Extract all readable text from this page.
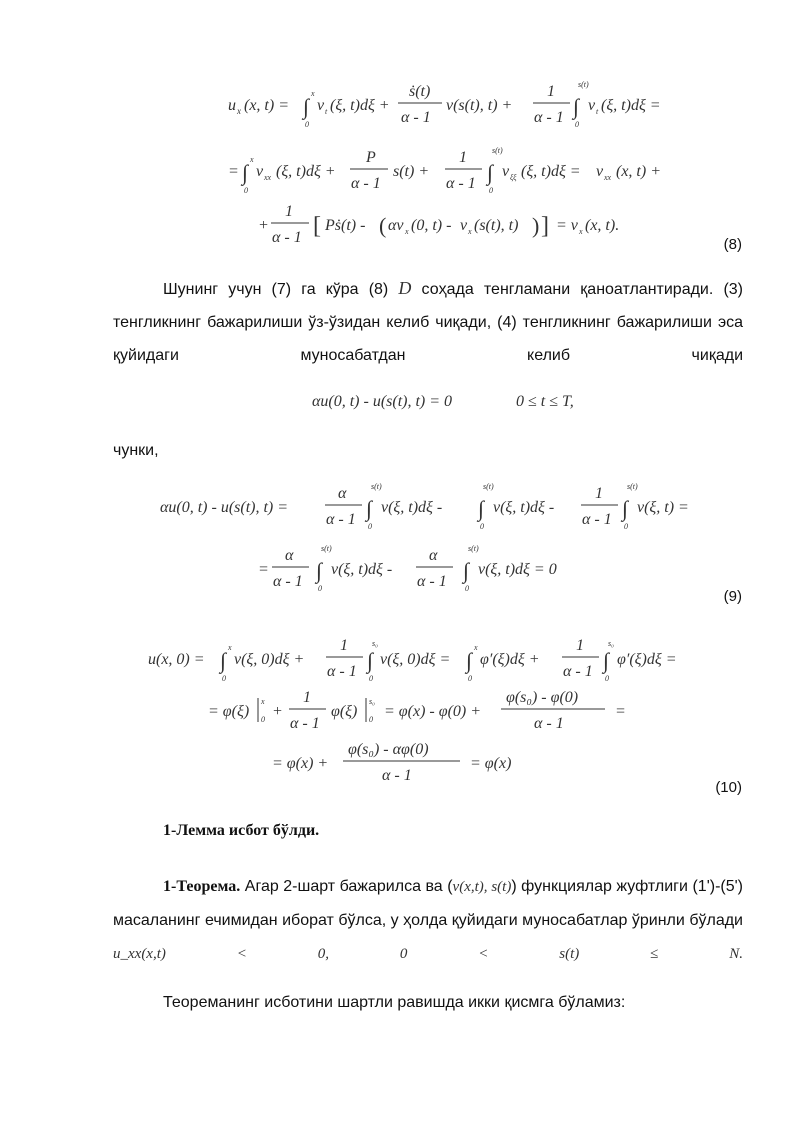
u x (x, t) = ∫
x
0
v t (ξ, t)dξ +
ṡ(t)
α - 1
v(s(t), t) +
1
α - 1 ∫
s(t)
0
v t (ξ, t)dξ =
= ∫
x
0
v xx (ξ, t)dξ +
P
α - 1
s(t) +
1
α - 1 ∫
s(t)
0
v ξξ (ξ, t)dξ = v xx (x, t) +
+
1
α - 1 [ Pṡ(t) - ( αv x (0, t) - v x (s(t), t) ) ] = v x (x, t).
(8)
Шунинг учун (7) га кўра (8) D соҳада тенгламани қаноатлантиради. (3) тенгликнинг бажарилиши ўз-ўзидан келиб чиқади, (4) тенгликнинг бажарилиши эса қуйидаги муносабатдан келиб чиқади
αu(0, t) - u(s(t), t) = 0	0 ≤ t ≤ T,
чунки,
αu(0, t) - u(s(t), t) =
α
α - 1 ∫
s(t)
0
v(ξ, t)dξ - ∫
s(t)
0
v(ξ, t)dξ -
1
α - 1 ∫
s(t)
0
v(ξ, t) =
=
α
α - 1 ∫
s(t)
0
v(ξ, t)dξ -
α
α - 1 ∫
s(t)
0
v(ξ, t)dξ = 0
(9)
u(x, 0) = ∫
x
0
v(ξ, 0)dξ +
1
α - 1 ∫
s₀
0
v(ξ, 0)dξ = ∫
x
0
φ′(ξ)dξ +
1
α - 1 ∫
s₀
0
φ′(ξ)dξ =
= φ(ξ)
x
0 +
1
α - 1
φ(ξ)
s₀
0 = φ(x) - φ(0) +
φ(s₀) - φ(0)
α - 1
=
= φ(x) +
φ(s₀) - αφ(0)
α - 1
= φ(x)
(10)
1-Лемма исбот бўлди.
1-Теорема. Агар 2-шарт бажарилса ва (v(x,t), s(t)) функциялар жуфтлиги (1')-(5') масаланинг ечимидан иборат бўлса, у ҳолда қуйидаги муносабатлар ўринли бўлади u_xx(x,t) < 0, 0 < s(t) ≤ N.
Теореманинг исботини шартли равишда икки қисмга бўламиз:
